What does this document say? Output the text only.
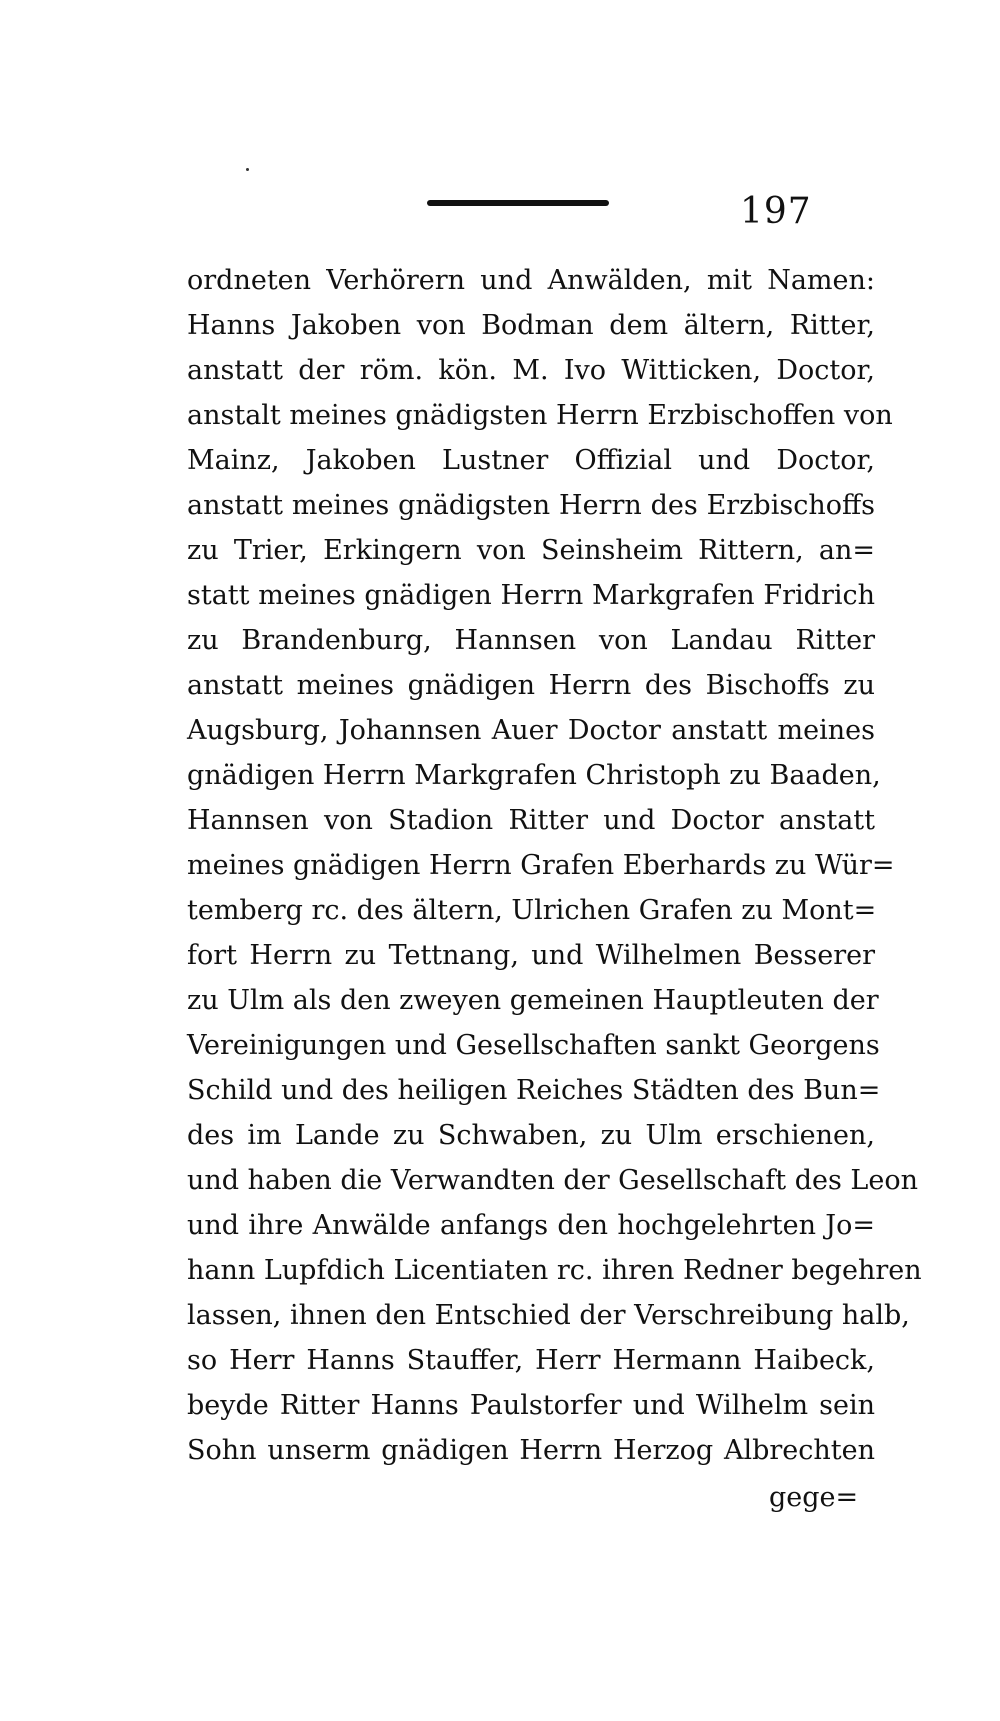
197
ordneten Verhörern und Anwälden, mit Namen:
Hanns Jakoben von Bodman dem ältern, Ritter,
anstatt der röm. kön. M. Ivo Witticken, Doctor,
anstalt meines gnädigsten Herrn Erzbischoffen von
Mainz, Jakoben Lustner Offizial und Doctor,
anstatt meines gnädigsten Herrn des Erzbischoffs
zu Trier, Erkingern von Seinsheim Rittern, an=
statt meines gnädigen Herrn Markgrafen Fridrich
zu Brandenburg, Hannsen von Landau Ritter
anstatt meines gnädigen Herrn des Bischoffs zu
Augsburg, Johannsen Auer Doctor anstatt meines
gnädigen Herrn Markgrafen Christoph zu Baaden,
Hannsen von Stadion Ritter und Doctor anstatt
meines gnädigen Herrn Grafen Eberhards zu Wür=
temberg rc. des ältern, Ulrichen Grafen zu Mont=
fort Herrn zu Tettnang, und Wilhelmen Besserer
zu Ulm als den zweyen gemeinen Hauptleuten der
Vereinigungen und Gesellschaften sankt Georgens
Schild und des heiligen Reiches Städten des Bun=
des im Lande zu Schwaben, zu Ulm erschienen,
und haben die Verwandten der Gesellschaft des Leon
und ihre Anwälde anfangs den hochgelehrten Jo=
hann Lupfdich Licentiaten rc. ihren Redner begehren
lassen, ihnen den Entschied der Verschreibung halb,
so Herr Hanns Stauffer, Herr Hermann Haibeck,
beyde Ritter Hanns Paulstorfer und Wilhelm sein
Sohn unserm gnädigen Herrn Herzog Albrechten
gege=
